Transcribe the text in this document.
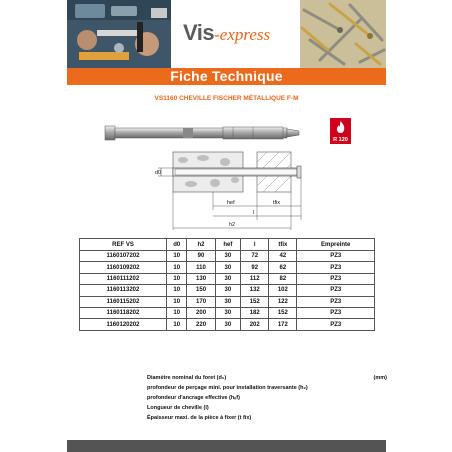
Vis-express
Fiche Technique
VS1160 CHEVILLE FISCHER MÉTALLIQUE F-M
R 120
d0
hef	tfix
l
h2
REF VS	d0	h2	hef	l	tfix	Empreinte
1160107202	10	90	30	72	42	PZ3
1160109202	10	110	30	92	62	PZ3
1160111202	10	130	30	112	82	PZ3
1160113202	10	150	30	132	102	PZ3
1160115202	10	170	30	152	122	PZ3
1160118202	10	200	30	182	152	PZ3
1160120202	10	220	30	202	172	PZ3
Diamètre nominal du foret (d₀)	(mm)
profondeur de perçage mini. pour installation traversante (h₂)
profondeur d'ancrage effective (hₑf)
Longueur de cheville (l)
Épaisseur maxi. de la pièce à fixer (t fix)
